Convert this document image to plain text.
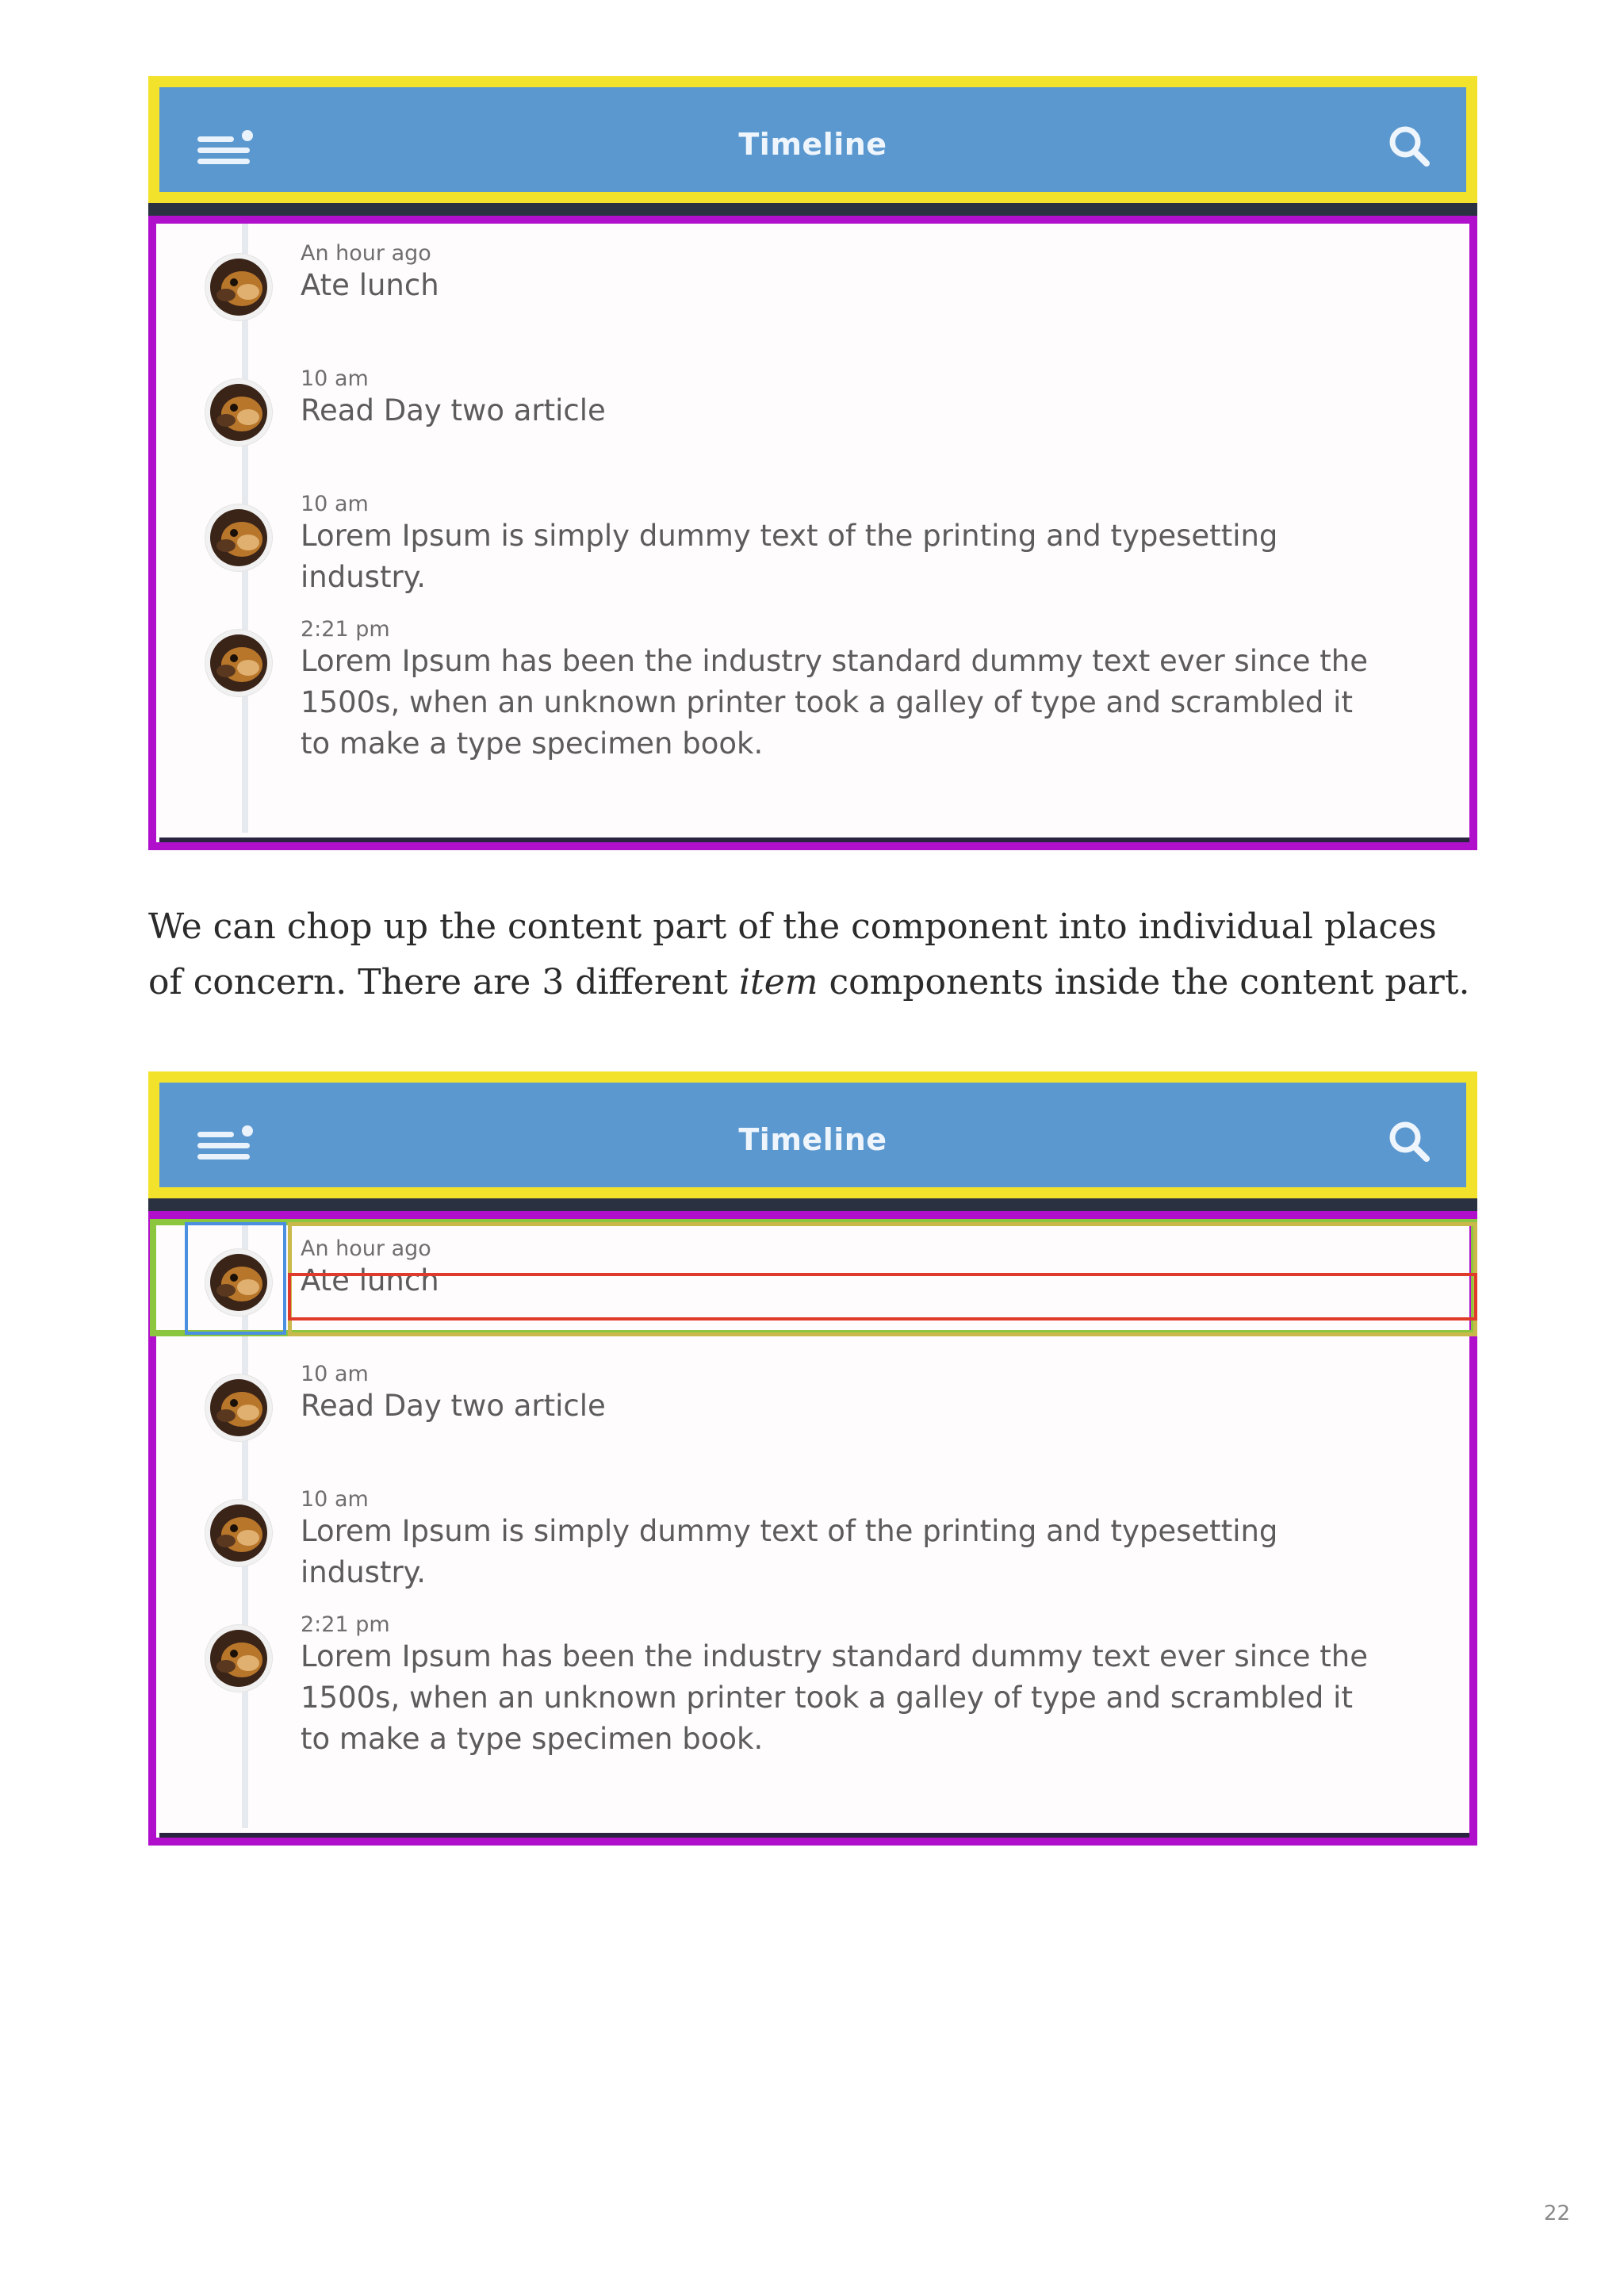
Timeline
An hour ago
Ate lunch
10 am
Read Day two article
10 am
Lorem Ipsum is simply dummy text of the printing and typesetting industry.
2:21 pm
Lorem Ipsum has been the industry standard dummy text ever since the 1500s, when an unknown printer took a galley of type and scrambled it to make a type specimen book.
We can chop up the content part of the component into individual places of concern. There are 3 different item components inside the content part.
Timeline
An hour ago
Ate lunch
10 am
Read Day two article
10 am
Lorem Ipsum is simply dummy text of the printing and typesetting industry.
2:21 pm
Lorem Ipsum has been the industry standard dummy text ever since the 1500s, when an unknown printer took a galley of type and scrambled it to make a type specimen book.
22
